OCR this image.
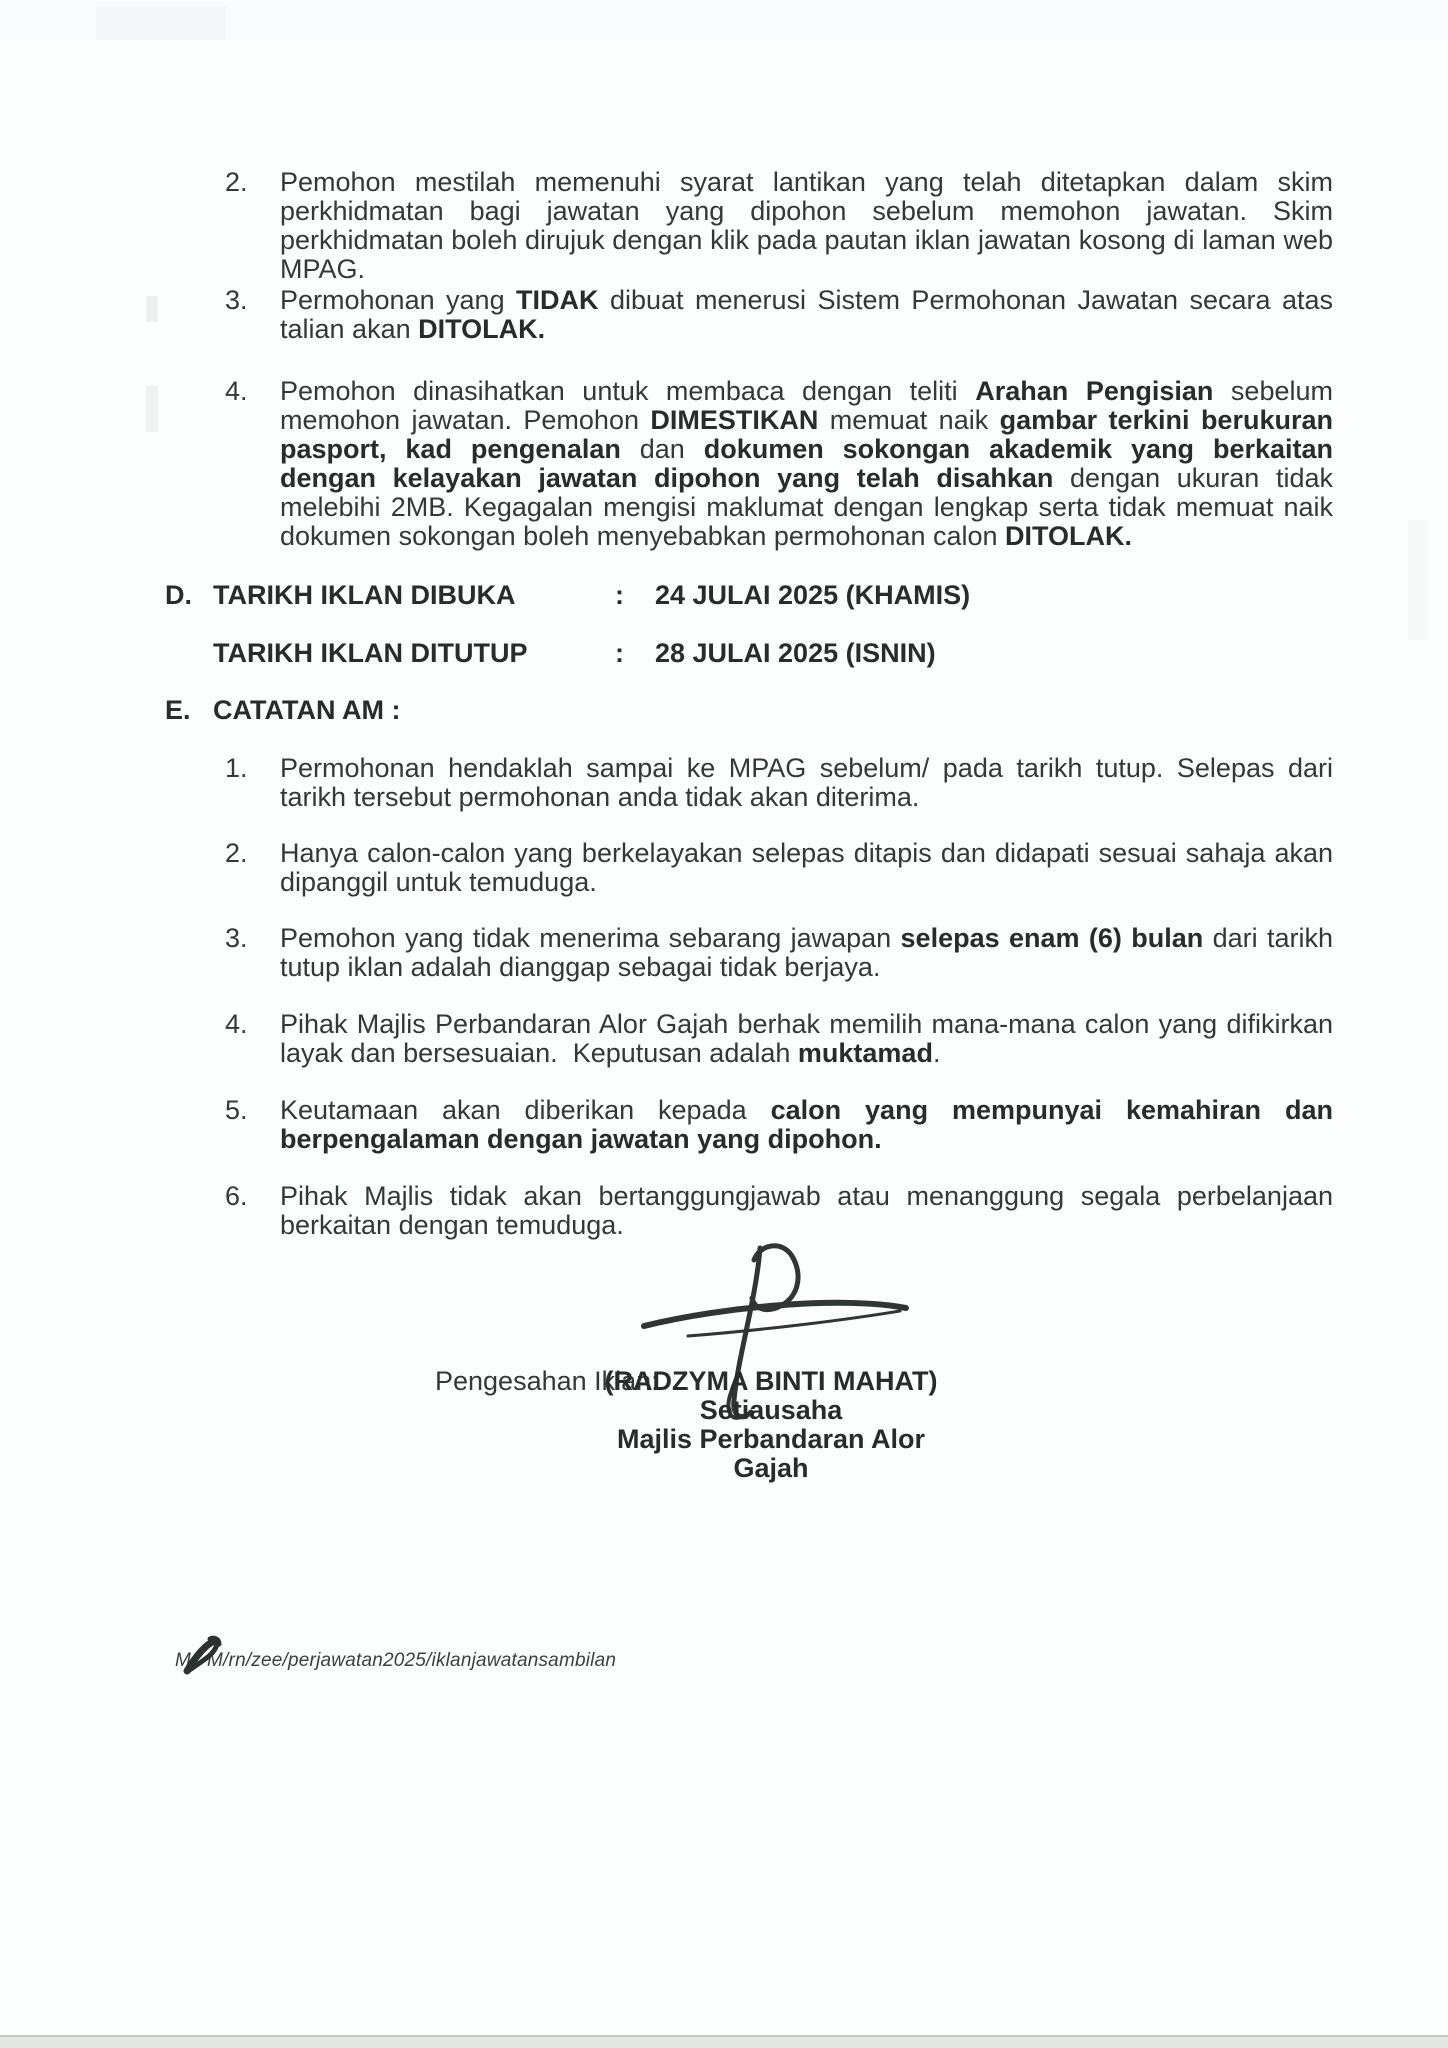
2.	Pemohon mestilah memenuhi syarat lantikan yang telah ditetapkan dalam skim perkhidmatan bagi jawatan yang dipohon sebelum memohon jawatan. Skim perkhidmatan boleh dirujuk dengan klik pada pautan iklan jawatan kosong di laman web MPAG.
3.	Permohonan yang TIDAK dibuat menerusi Sistem Permohonan Jawatan secara atas talian akan DITOLAK.
4.	Pemohon dinasihatkan untuk membaca dengan teliti Arahan Pengisian sebelum memohon jawatan. Pemohon DIMESTIKAN memuat naik gambar terkini berukuran pasport, kad pengenalan dan dokumen sokongan akademik yang berkaitan dengan kelayakan jawatan dipohon yang telah disahkan dengan ukuran tidak melebihi 2MB. Kegagalan mengisi maklumat dengan lengkap serta tidak memuat naik dokumen sokongan boleh menyebabkan permohonan calon DITOLAK.
D. TARIKH IKLAN DIBUKA	: 24 JULAI 2025 (KHAMIS)
TARIKH IKLAN DITUTUP	: 28 JULAI 2025 (ISNIN)
E. CATATAN AM :
1.	Permohonan hendaklah sampai ke MPAG sebelum/ pada tarikh tutup. Selepas dari tarikh tersebut permohonan anda tidak akan diterima.
2.	Hanya calon-calon yang berkelayakan selepas ditapis dan didapati sesuai sahaja akan dipanggil untuk temuduga.
3.	Pemohon yang tidak menerima sebarang jawapan selepas enam (6) bulan dari tarikh tutup iklan adalah dianggap sebagai tidak berjaya.
4.	Pihak Majlis Perbandaran Alor Gajah berhak memilih mana-mana calon yang difikirkan layak dan bersesuaian.  Keputusan adalah muktamad.
5.	Keutamaan akan diberikan kepada calon yang mempunyai kemahiran dan berpengalaman dengan jawatan yang dipohon.
6.	Pihak Majlis tidak akan bertanggungjawab atau menanggung segala perbelanjaan berkaitan dengan temuduga.
Pengesahan Iklan:
(RADZYMA BINTI MAHAT)
Setiausaha
Majlis Perbandaran Alor Gajah
M M/rn/zee/perjawatan2025/iklanjawatansambilan
